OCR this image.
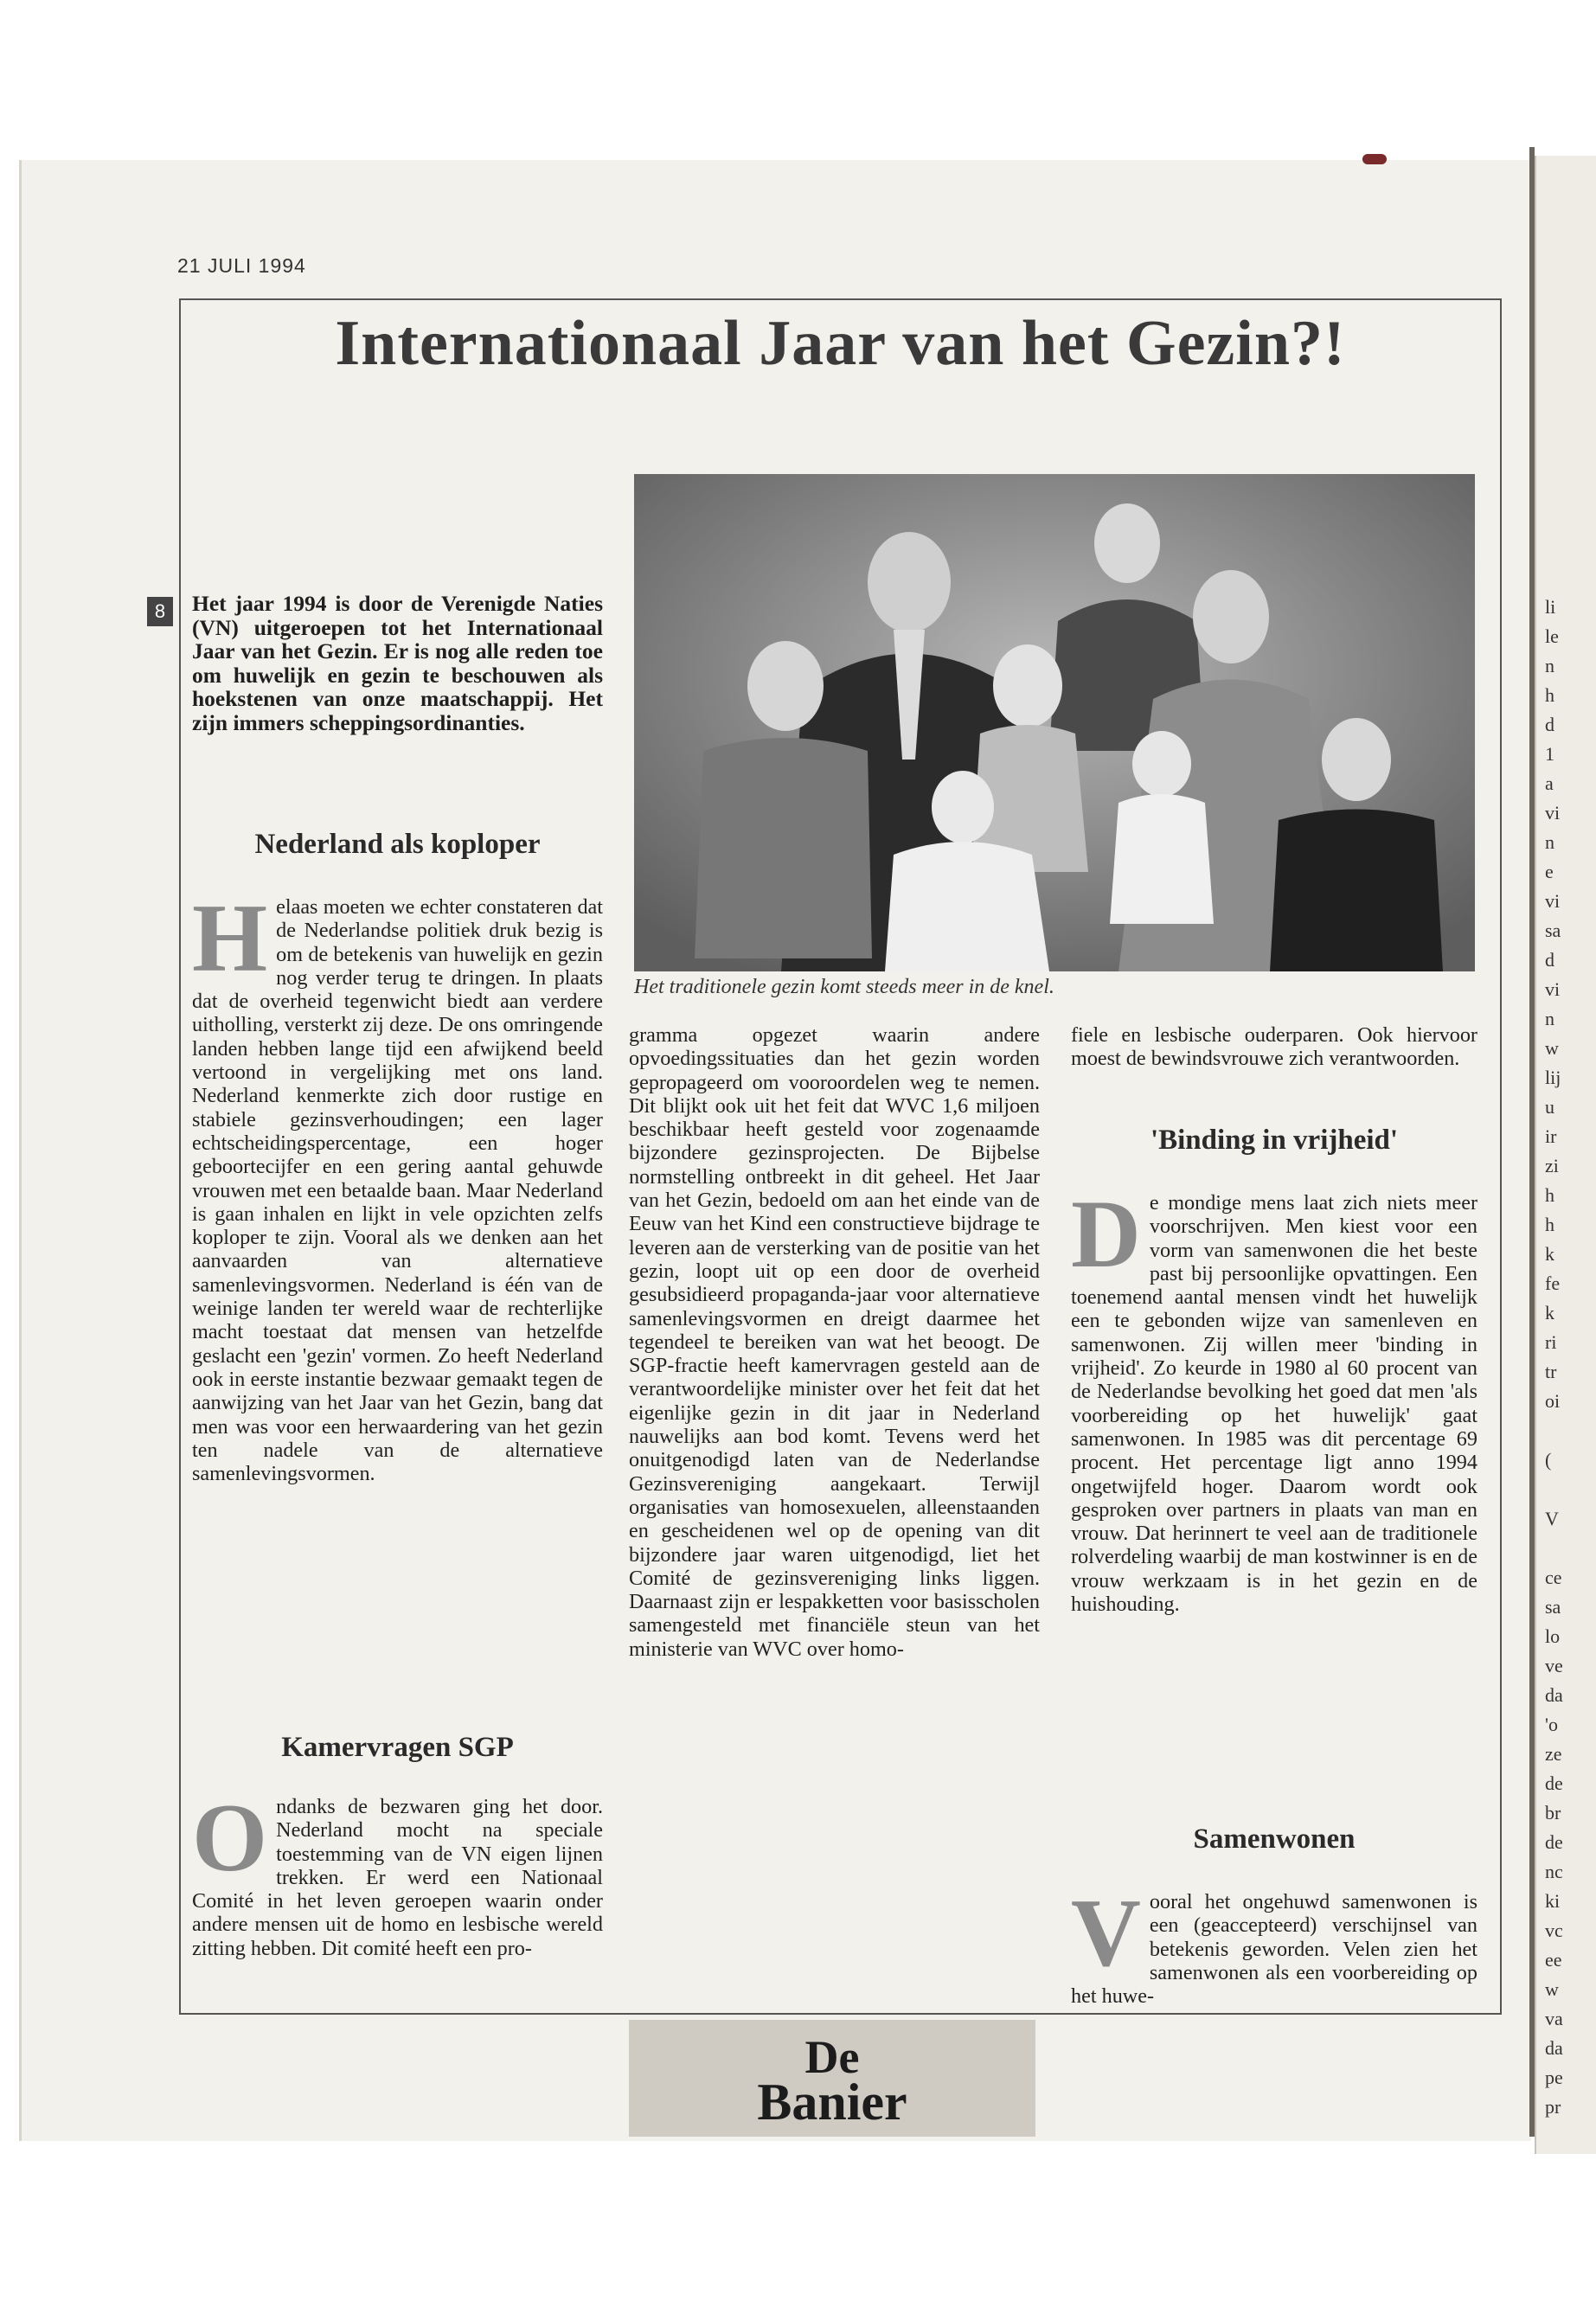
li
le
n
h
d
1
a
vi
n
e
vi
sa
d
vi
n
w
lij
u
ir
zi
h
h
k
fe
k
ri
tr
oi
(
V
ce
sa
lo
ve
da
'o
ze
de
br
de
nc
ki
vc
ee
w
va
da
pe
pr
21 JULI 1994
Internationaal Jaar van het Gezin?!
8	Het jaar 1994 is door de Verenigde Naties (VN) uitgeroepen tot het Internationaal Jaar van het Gezin. Er is nog alle reden toe om huwelijk en gezin te beschouwen als hoekstenen van onze maatschappij. Het zijn immers scheppingsordinanties.
Het traditionele gezin komt steeds meer in de knel.
Nederland als koploper
Helaas moeten we echter constateren dat de Nederlandse politiek druk bezig is om de betekenis van huwelijk en gezin nog verder terug te dringen. In plaats dat de overheid tegenwicht biedt aan verdere uitholling, versterkt zij deze. De ons omringende landen hebben lange tijd een afwijkend beeld vertoond in vergelijking met ons land. Nederland kenmerkte zich door rustige en stabiele gezinsverhoudingen; een lager echtscheidingspercentage, een hoger geboortecijfer en een gering aantal gehuwde vrouwen met een betaalde baan. Maar Nederland is gaan inhalen en lijkt in vele opzichten zelfs koploper te zijn. Vooral als we denken aan het aanvaarden van alternatieve samenlevingsvormen. Nederland is één van de weinige landen ter wereld waar de rechterlijke macht toestaat dat mensen van hetzelfde geslacht een 'gezin' vormen. Zo heeft Nederland ook in eerste instantie bezwaar gemaakt tegen de aanwijzing van het Jaar van het Gezin, bang dat men was voor een herwaardering van het gezin ten nadele van de alternatieve samenlevingsvormen.
Kamervragen SGP
Ondanks de bezwaren ging het door. Nederland mocht na speciale toestemming van de VN eigen lijnen trekken. Er werd een Nationaal Comité in het leven geroepen waarin onder andere mensen uit de homo en lesbische wereld zitting hebben. Dit comité heeft een pro-
gramma opgezet waarin andere opvoedingssituaties dan het gezin worden gepropageerd om vooroordelen weg te nemen. Dit blijkt ook uit het feit dat WVC 1,6 miljoen beschikbaar heeft gesteld voor zogenaamde bijzondere gezinsprojecten. De Bijbelse normstelling ontbreekt in dit geheel. Het Jaar van het Gezin, bedoeld om aan het einde van de Eeuw van het Kind een constructieve bijdrage te leveren aan de versterking van de positie van het gezin, loopt uit op een door de overheid gesubsidieerd propaganda-jaar voor alternatieve samenlevingsvormen en dreigt daarmee het tegendeel te bereiken van wat het beoogt. De SGP-fractie heeft kamervragen gesteld aan de verantwoordelijke minister over het feit dat het eigenlijke gezin in dit jaar in Nederland nauwelijks aan bod komt. Tevens werd het onuitgenodigd laten van de Nederlandse Gezinsvereniging aangekaart. Terwijl organisaties van homosexuelen, alleenstaanden en gescheidenen wel op de opening van dit bijzondere jaar waren uitgenodigd, liet het Comité de gezinsvereniging links liggen. Daarnaast zijn er lespakketten voor basisscholen samengesteld met financiële steun van het ministerie van WVC over homo-
fiele en lesbische ouderparen. Ook hiervoor moest de bewindsvrouwe zich verantwoorden.
'Binding in vrijheid'
De mondige mens laat zich niets meer voorschrijven. Men kiest voor een vorm van samenwonen die het beste past bij persoonlijke opvattingen. Een toenemend aantal mensen vindt het huwelijk een te gebonden wijze van samenleven en samenwonen. Zij willen meer 'binding in vrijheid'. Zo keurde in 1980 al 60 procent van de Nederlandse bevolking het goed dat men 'als voorbereiding op het huwelijk' gaat samenwonen. In 1985 was dit percentage 69 procent. Het percentage ligt anno 1994 ongetwijfeld hoger. Daarom wordt ook gesproken over partners in plaats van man en vrouw. Dat herinnert te veel aan de traditionele rolverdeling waarbij de man kostwinner is en de vrouw werkzaam is in het gezin en de huishouding.
Samenwonen
Vooral het ongehuwd samenwonen is een (geaccepteerd) verschijnsel van betekenis geworden. Velen zien het samenwonen als een voorbereiding op het huwe-
De
Banier
